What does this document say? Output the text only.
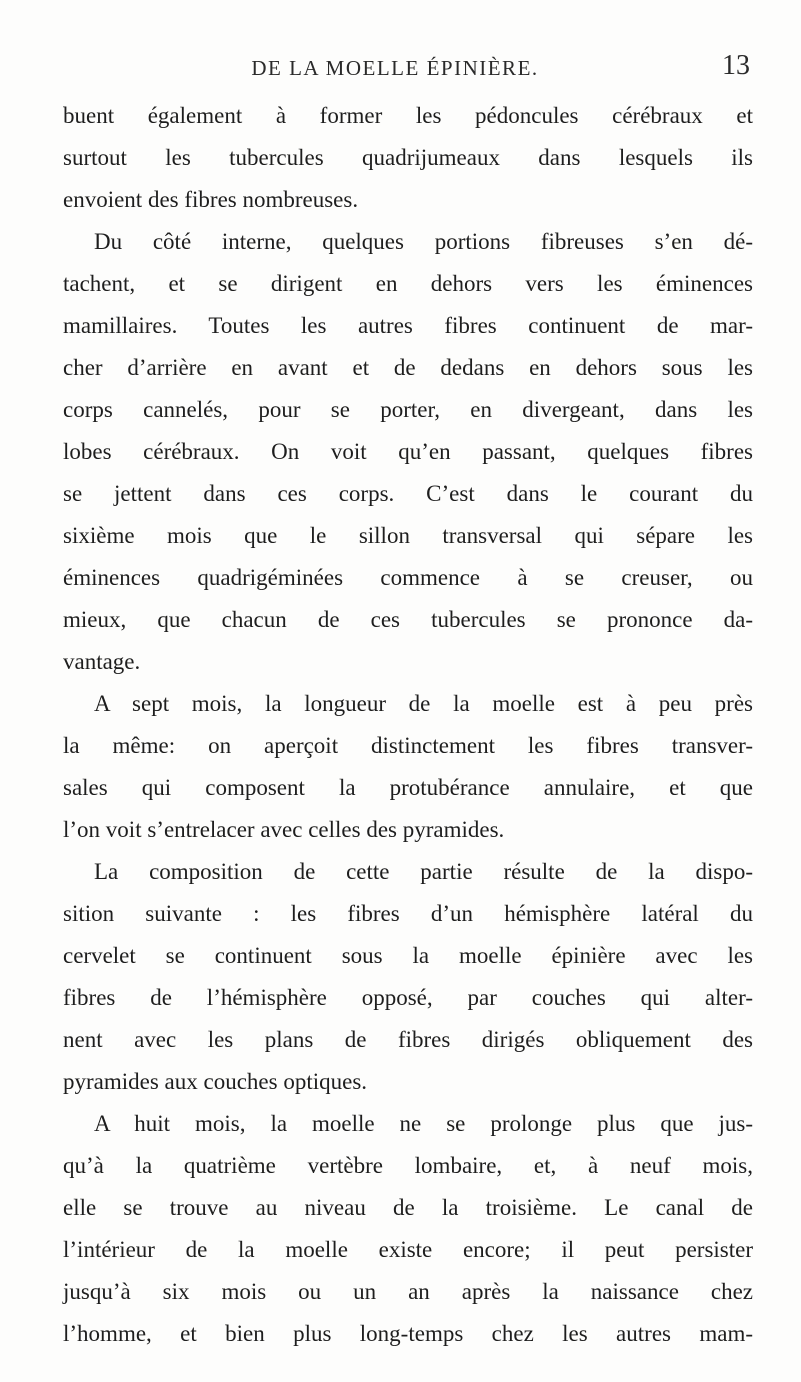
DE LA MOELLE ÉPINIÈRE.	13
buent également à former les pédoncules cérébraux et
surtout les tubercules quadrijumeaux dans lesquels ils
envoient des fibres nombreuses.
Du côté interne, quelques portions fibreuses s’en dé-
tachent, et se dirigent en dehors vers les éminences
mamillaires. Toutes les autres fibres continuent de mar-
cher d’arrière en avant et de dedans en dehors sous les
corps cannelés, pour se porter, en divergeant, dans les
lobes cérébraux. On voit qu’en passant, quelques fibres
se jettent dans ces corps. C’est dans le courant du
sixième mois que le sillon transversal qui sépare les
éminences quadrigéminées commence à se creuser, ou
mieux, que chacun de ces tubercules se prononce da-
vantage.
A sept mois, la longueur de la moelle est à peu près
la même: on aperçoit distinctement les fibres transver-
sales qui composent la protubérance annulaire, et que
l’on voit s’entrelacer avec celles des pyramides.
La composition de cette partie résulte de la dispo-
sition suivante : les fibres d’un hémisphère latéral du
cervelet se continuent sous la moelle épinière avec les
fibres de l’hémisphère opposé, par couches qui alter-
nent avec les plans de fibres dirigés obliquement des
pyramides aux couches optiques.
A huit mois, la moelle ne se prolonge plus que jus-
qu’à la quatrième vertèbre lombaire, et, à neuf mois,
elle se trouve au niveau de la troisième. Le canal de
l’intérieur de la moelle existe encore; il peut persister
jusqu’à six mois ou un an après la naissance chez
l’homme, et bien plus long-temps chez les autres mam-
